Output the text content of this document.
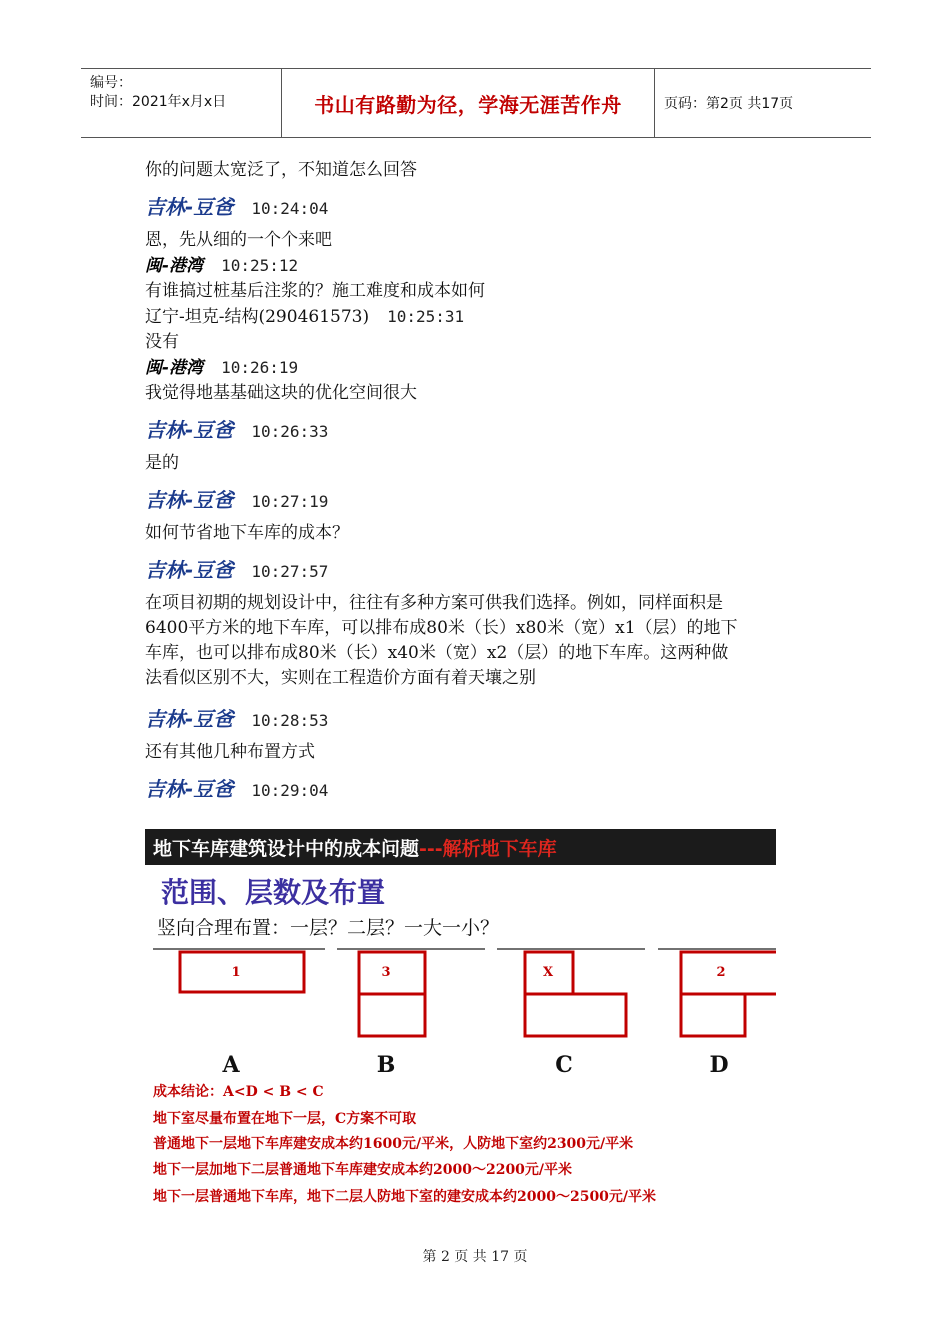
编号：
时间：2021年x月x日	书山有路勤为径，学海无涯苦作舟	页码：第2页 共17页
你的问题太宽泛了，不知道怎么回答
吉林-豆爸 10:24:04
恩，先从细的一个个来吧
闽-港湾 10:25:12
有谁搞过桩基后注浆的？施工难度和成本如何
辽宁-坦克-结构(290461573) 10:25:31
没有
闽-港湾 10:26:19
我觉得地基基础这块的优化空间很大
吉林-豆爸 10:26:33
是的
吉林-豆爸 10:27:19
如何节省地下车库的成本？
吉林-豆爸 10:27:57
在项目初期的规划设计中，往往有多种方案可供我们选择。例如，同样面积是
6400平方米的地下车库，可以排布成80米（长）x80米（宽）x1（层）的地下
车库，也可以排布成80米（长）x40米（宽）x2（层）的地下车库。这两种做
法看似区别不大，实则在工程造价方面有着天壤之别
吉林-豆爸 10:28:53
还有其他几种布置方式
吉林-豆爸 10:29:04
地下车库建筑设计中的成本问题---解析地下车库
范围、层数及布置
竖向合理布置：一层？二层？一大一小？
1	3	X	2
A	B	C	D
成本结论：A<D < B < C
地下室尽量布置在地下一层，C方案不可取
普通地下一层地下车库建安成本约1600元/平米，人防地下室约2300元/平米
地下一层加地下二层普通地下车库建安成本约2000～2200元/平米
地下一层普通地下车库，地下二层人防地下室的建安成本约2000～2500元/平米
第 2 页 共 17 页
